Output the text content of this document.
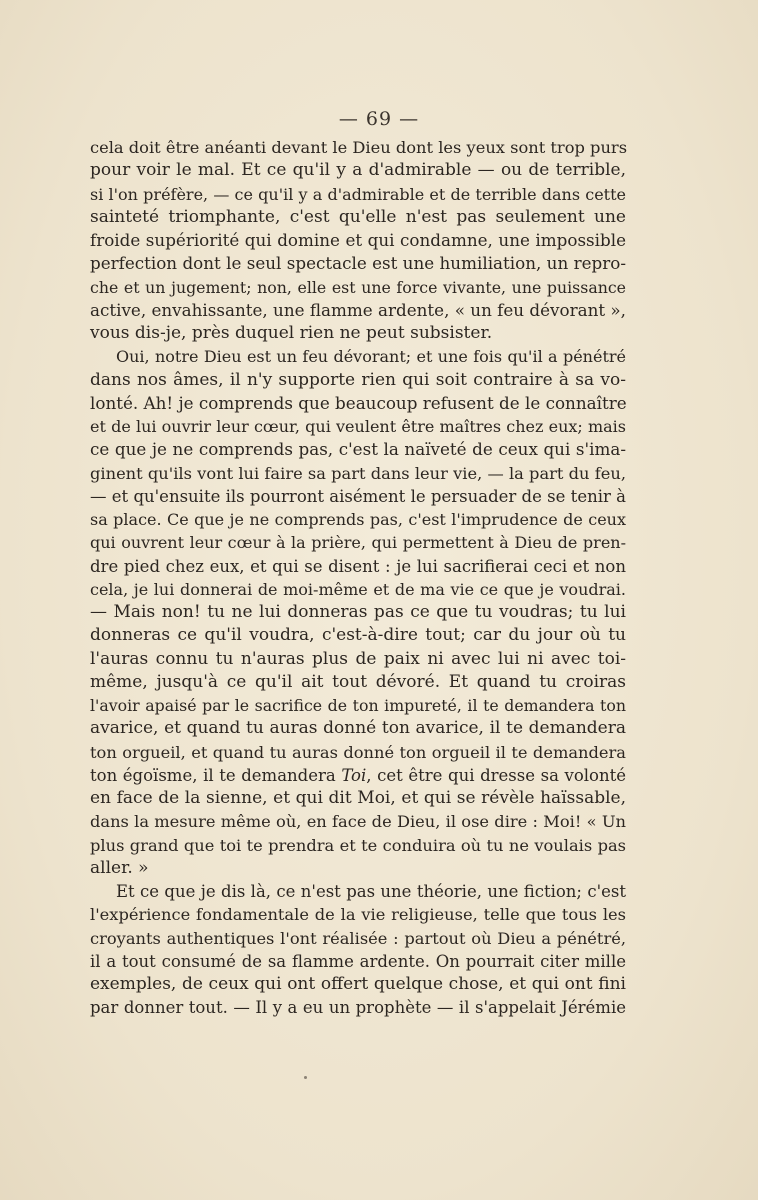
— 69 —
cela doit être anéanti devant le Dieu dont les yeux sont trop purs
pour voir le mal. Et ce qu'il y a d'admirable — ou de terrible,
si l'on préfère, — ce qu'il y a d'admirable et de terrible dans cette
sainteté triomphante, c'est qu'elle n'est pas seulement une
froide supériorité qui domine et qui condamne, une impossible
perfection dont le seul spectacle est une humiliation, un repro-
che et un jugement; non, elle est une force vivante, une puissance
active, envahissante, une flamme ardente, « un feu dévorant »,
vous dis-je, près duquel rien ne peut subsister.
Oui, notre Dieu est un feu dévorant; et une fois qu'il a pénétré
dans nos âmes, il n'y supporte rien qui soit contraire à sa vo-
lonté. Ah! je comprends que beaucoup refusent de le connaître
et de lui ouvrir leur cœur, qui veulent être maîtres chez eux; mais
ce que je ne comprends pas, c'est la naïveté de ceux qui s'ima-
ginent qu'ils vont lui faire sa part dans leur vie, — la part du feu,
— et qu'ensuite ils pourront aisément le persuader de se tenir à
sa place. Ce que je ne comprends pas, c'est l'imprudence de ceux
qui ouvrent leur cœur à la prière, qui permettent à Dieu de pren-
dre pied chez eux, et qui se disent : je lui sacrifierai ceci et non
cela, je lui donnerai de moi-même et de ma vie ce que je voudrai.
— Mais non! tu ne lui donneras pas ce que tu voudras; tu lui
donneras ce qu'il voudra, c'est-à-dire tout; car du jour où tu
l'auras connu tu n'auras plus de paix ni avec lui ni avec toi-
même, jusqu'à ce qu'il ait tout dévoré. Et quand tu croiras
l'avoir apaisé par le sacrifice de ton impureté, il te demandera ton
avarice, et quand tu auras donné ton avarice, il te demandera
ton orgueil, et quand tu auras donné ton orgueil il te demandera
ton égoïsme, il te demandera Toi, cet être qui dresse sa volonté
en face de la sienne, et qui dit Moi, et qui se révèle haïssable,
dans la mesure même où, en face de Dieu, il ose dire : Moi! « Un
plus grand que toi te prendra et te conduira où tu ne voulais pas
aller. »
Et ce que je dis là, ce n'est pas une théorie, une fiction; c'est
l'expérience fondamentale de la vie religieuse, telle que tous les
croyants authentiques l'ont réalisée : partout où Dieu a pénétré,
il a tout consumé de sa flamme ardente. On pourrait citer mille
exemples, de ceux qui ont offert quelque chose, et qui ont fini
par donner tout. — Il y a eu un prophète — il s'appelait Jérémie
